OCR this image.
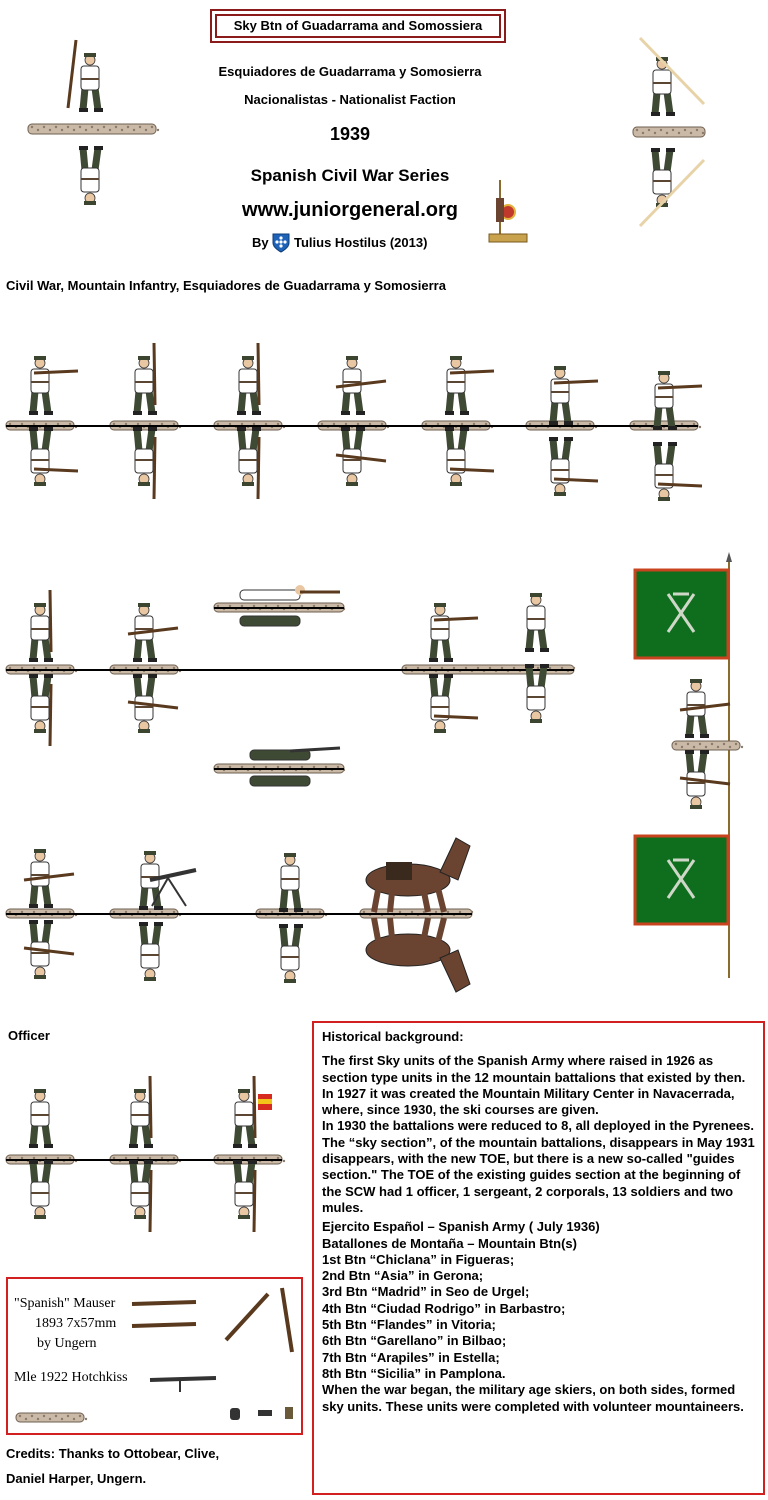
Sky Btn of Guadarrama and Somossiera
Esquiadores de Guadarrama y Somosierra
Nacionalistas - Nationalist Faction
1939
Spanish Civil War Series
www.juniorgeneral.org
By Tulius Hostilus (2013)
Civil War, Mountain Infantry, Esquiadores de Guadarrama y Somosierra
Officer
"Spanish" Mauser
1893 7x57mm
by Ungern
Mle 1922 Hotchkiss
Credits: Thanks to Ottobear, Clive,
Daniel Harper, Ungern.

Historical background:

The first Sky units of the Spanish Army where raised in 1926 as section type units in the 12 mountain battalions that existed by then. In 1927 it was created the Mountain Military Center in Navacerrada, where, since 1930, the ski courses are given.

In 1930 the battalions were reduced to 8, all deployed in the Pyrenees. The “sky section”, of the mountain battalions, disappears in May 1931 disappears, with the new TOE, but there is a new so-called "guides section." The TOE of the existing guides section at the beginning of the SCW had 1 officer, 1 sergeant, 2 corporals, 13 soldiers and two mules.

Ejercito Español – Spanish Army ( July 1936)

Batallones de Montaña – Mountain Btn(s)

1st Btn “Chiclana” in Figueras;

2nd Btn “Asia” in Gerona;

3rd Btn “Madrid” in Seo de Urgel;

4th Btn “Ciudad Rodrigo” in Barbastro;

5th Btn “Flandes” in Vitoria;

6th Btn “Garellano” in Bilbao;

7th Btn “Arapiles” in Estella;

8th Btn “Sicilia” in Pamplona.

When the war began, the military age skiers, on both sides, formed sky units. These units were completed with volunteer mountaineers.
